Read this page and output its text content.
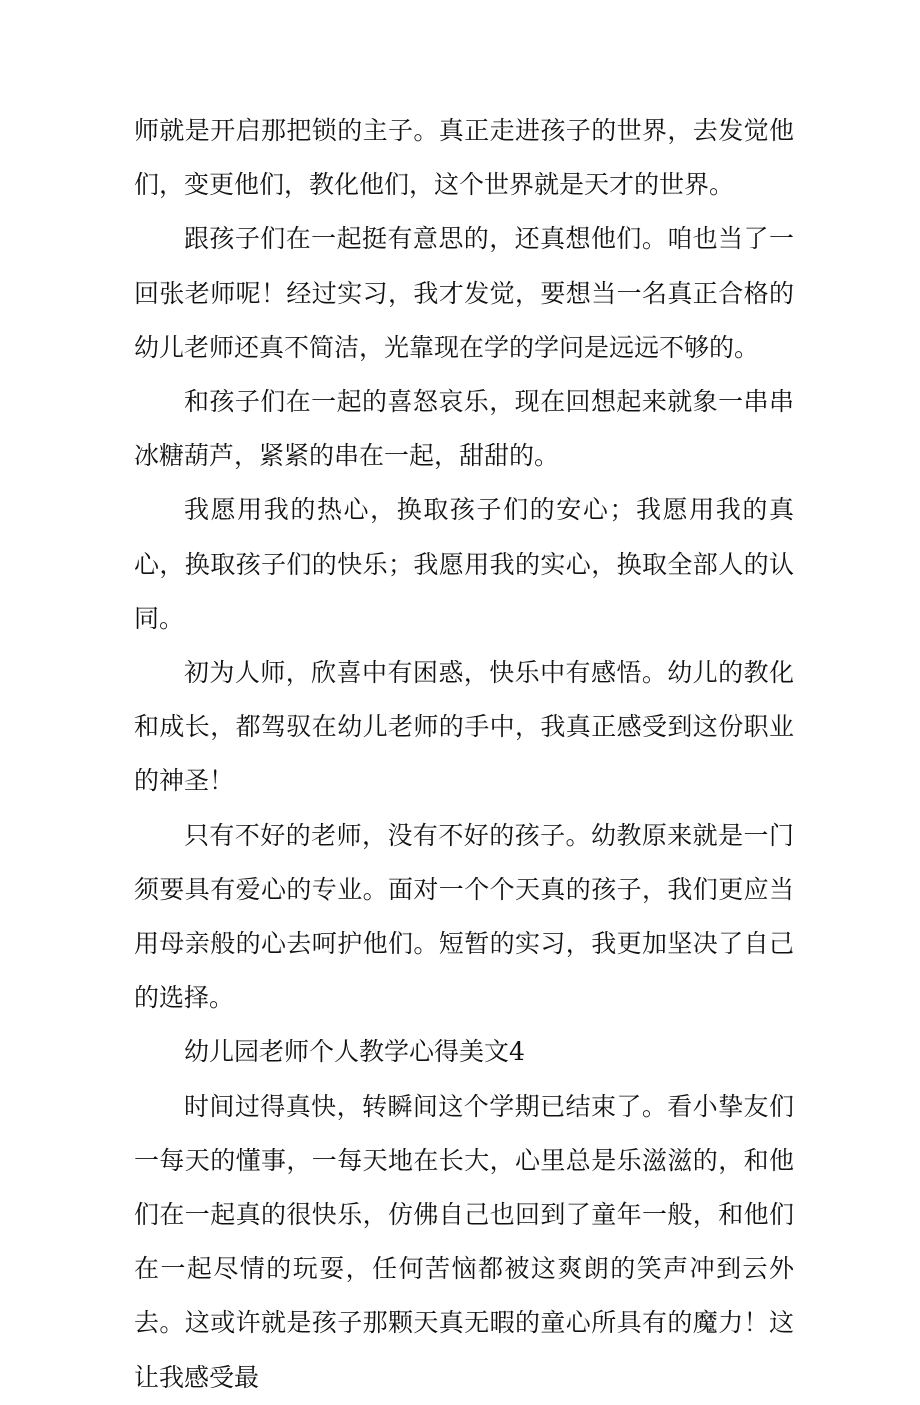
师就是开启那把锁的主子。真正走进孩子的世界，去发觉他们，变更他们，教化他们，这个世界就是天才的世界。

跟孩子们在一起挺有意思的，还真想他们。咱也当了一回张老师呢！经过实习，我才发觉，要想当一名真正合格的幼儿老师还真不简洁，光靠现在学的学问是远远不够的。

和孩子们在一起的喜怒哀乐，现在回想起来就象一串串冰糖葫芦，紧紧的串在一起，甜甜的。

我愿用我的热心，换取孩子们的安心；我愿用我的真心，换取孩子们的快乐；我愿用我的实心，换取全部人的认同。

初为人师，欣喜中有困惑，快乐中有感悟。幼儿的教化和成长，都驾驭在幼儿老师的手中，我真正感受到这份职业的神圣！

只有不好的老师，没有不好的孩子。幼教原来就是一门须要具有爱心的专业。面对一个个天真的孩子，我们更应当用母亲般的心去呵护他们。短暂的实习，我更加坚决了自己的选择。

幼儿园老师个人教学心得美文4

时间过得真快，转瞬间这个学期已结束了。看小挚友们一每天的懂事，一每天地在长大，心里总是乐滋滋的，和他们在一起真的很快乐，仿佛自己也回到了童年一般，和他们在一起尽情的玩耍，任何苦恼都被这爽朗的笑声冲到云外去。这或许就是孩子那颗天真无暇的童心所具有的魔力！这让我感受最
